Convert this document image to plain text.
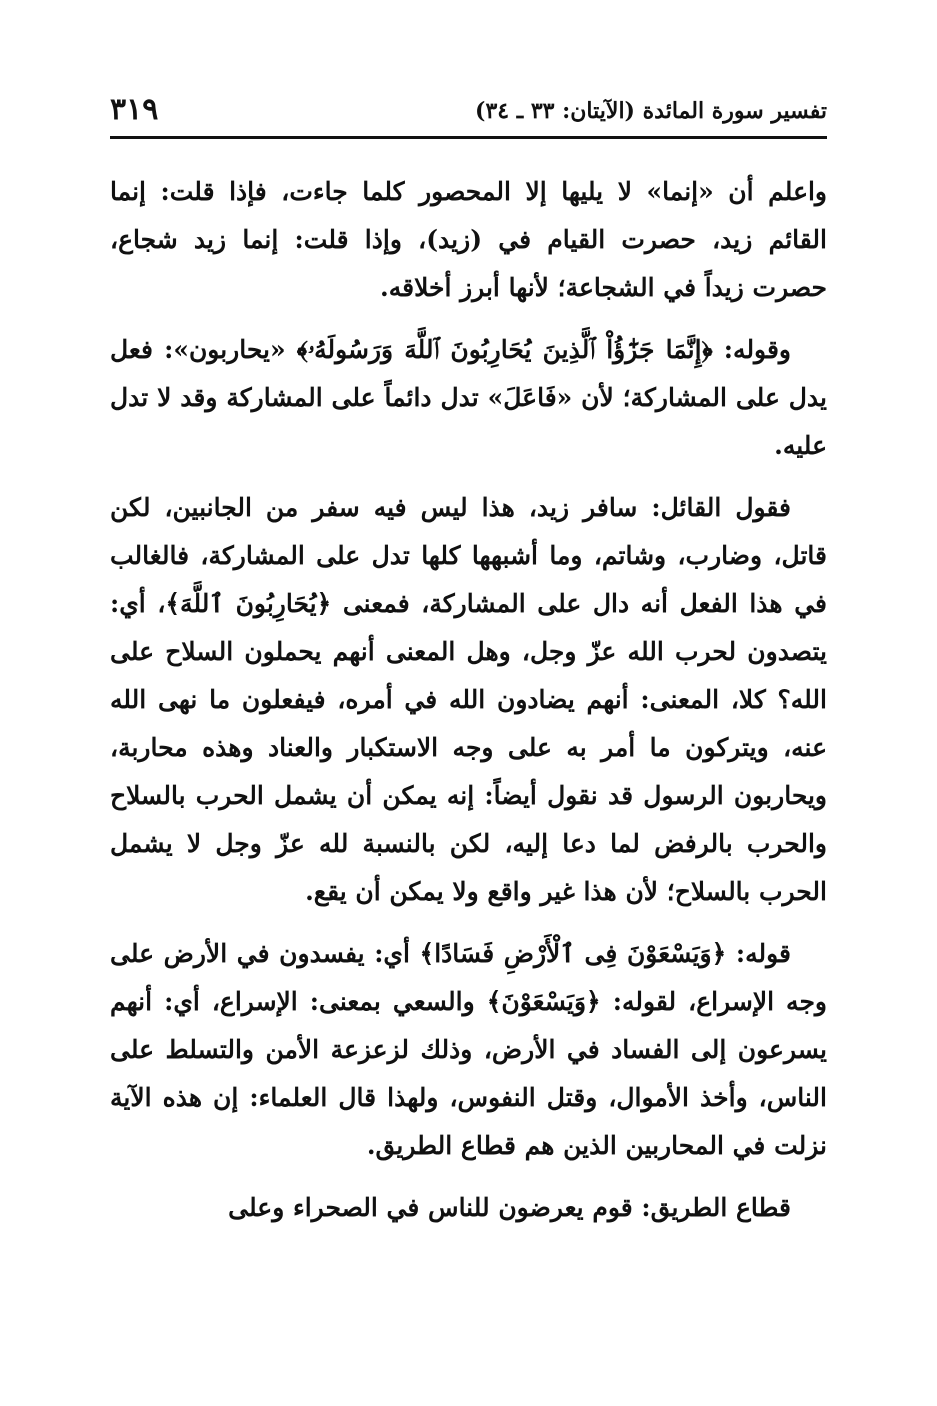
تفسير سورة المائدة (الآيتان: ٣٣ ـ ٣٤)
٣١٩

واعلم أن «إنما» لا يليها إلا المحصور كلما جاءت، فإذا قلت: إنما القائم زيد، حصرت القيام في (زيد)، وإذا قلت: إنما زيد شجاع، حصرت زيداً في الشجاعة؛ لأنها أبرز أخلاقه.

وقوله: ﴿إِنَّمَا جَزَٰٓؤُاْ ٱلَّذِينَ يُحَارِبُونَ ٱللَّهَ وَرَسُولَهُۥ﴾ «يحاربون»: فعل يدل على المشاركة؛ لأن «فَاعَلَ» تدل دائماً على المشاركة وقد لا تدل عليه.

فقول القائل: سافر زيد، هذا ليس فيه سفر من الجانبين، لكن قاتل، وضارب، وشاتم، وما أشبهها كلها تدل على المشاركة، فالغالب في هذا الفعل أنه دال على المشاركة، فمعنى ﴿يُحَارِبُونَ ٱللَّهَ﴾، أي: يتصدون لحرب الله عزّ وجل، وهل المعنى أنهم يحملون السلاح على الله؟ كلا، المعنى: أنهم يضادون الله في أمره، فيفعلون ما نهى الله عنه، ويتركون ما أمر به على وجه الاستكبار والعناد وهذه محاربة، ويحاربون الرسول قد نقول أيضاً: إنه يمكن أن يشمل الحرب بالسلاح والحرب بالرفض لما دعا إليه، لكن بالنسبة لله عزّ وجل لا يشمل الحرب بالسلاح؛ لأن هذا غير واقع ولا يمكن أن يقع.

قوله: ﴿وَيَسْعَوْنَ فِى ٱلْأَرْضِ فَسَادًا﴾ أي: يفسدون في الأرض على وجه الإسراع، لقوله: ﴿وَيَسْعَوْنَ﴾ والسعي بمعنى: الإسراع، أي: أنهم يسرعون إلى الفساد في الأرض، وذلك لزعزعة الأمن والتسلط على الناس، وأخذ الأموال، وقتل النفوس، ولهذا قال العلماء: إن هذه الآية نزلت في المحاربين الذين هم قطاع الطريق.

قطاع الطريق: قوم يعرضون للناس في الصحراء وعلى
